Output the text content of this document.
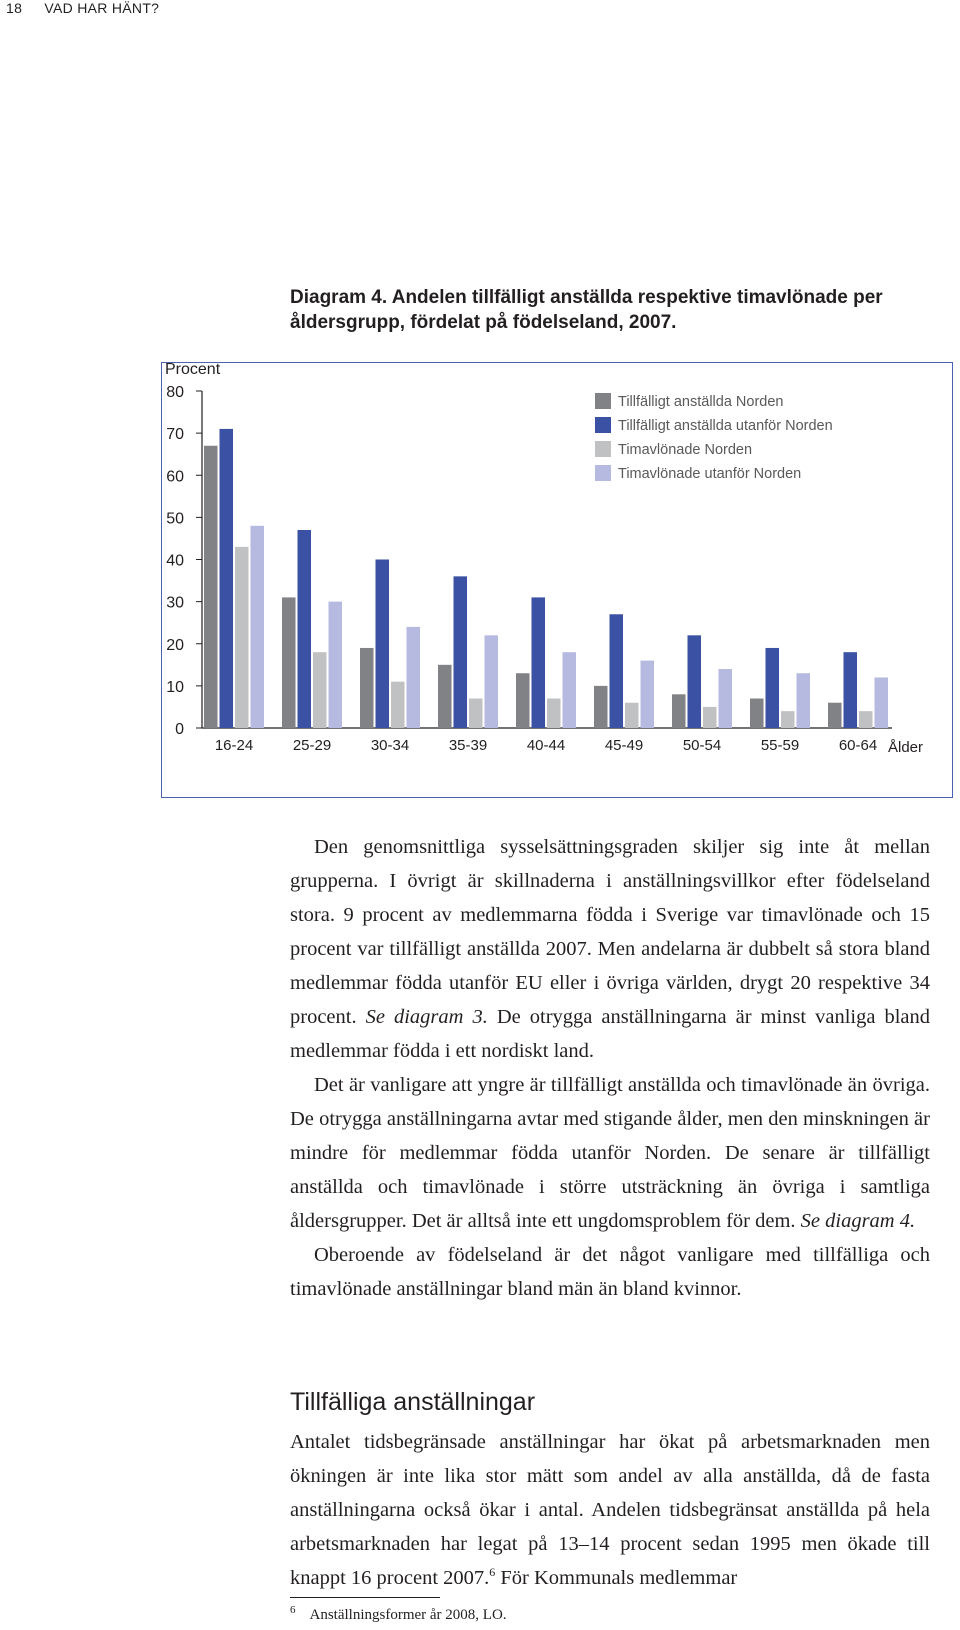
18 VAD HAR HÄNT?
Diagram 4. Andelen tillfälligt anställda respektive timavlönade per åldersgrupp, fördelat på födelseland, 2007.
Procent
0
10
20
30
40
50
60
70
80
16-24	25-29	30-34	35-39	40-44	45-49	50-54	55-59	60-64 Ålder
Tillfälligt anställda Norden
Tillfälligt anställda utanför Norden
Timavlönade Norden
Timavlönade utanför Norden

Den genomsnittliga sysselsättningsgraden skiljer sig inte åt mellan grupperna. I övrigt är skillnaderna i anställningsvillkor efter födelseland stora. 9 procent av medlemmarna födda i Sverige var timavlönade och 15 procent var tillfälligt anställda 2007. Men andelarna är dubbelt så stora bland medlemmar födda utanför EU eller i övriga världen, drygt 20 respektive 34 procent. Se diagram 3. De otrygga anställningarna är minst vanliga bland medlemmar födda i ett nordiskt land.

Det är vanligare att yngre är tillfälligt anställda och timavlönade än övriga. De otrygga anställningarna avtar med stigande ålder, men den minskningen är mindre för medlemmar födda utanför Norden. De senare är tillfälligt anställda och timavlönade i större utsträckning än övriga i samtliga åldersgrupper. Det är alltså inte ett ungdomsproblem för dem. Se diagram 4.

Oberoende av födelseland är det något vanligare med tillfälliga och timavlönade anställningar bland män än bland kvinnor.

Tillfälliga anställningar
Antalet tidsbegränsade anställningar har ökat på arbetsmarknaden men ökningen är inte lika stor mätt som andel av alla anställda, då de fasta anställningarna också ökar i antal. Andelen tidsbegränsat anställda på hela arbetsmarknaden har legat på 13–14 procent sedan 1995 men ökade till knappt 16 procent 2007.$^6$ För Kommunals medlemmar
$^6$ Anställningsformer år 2008, LO.
